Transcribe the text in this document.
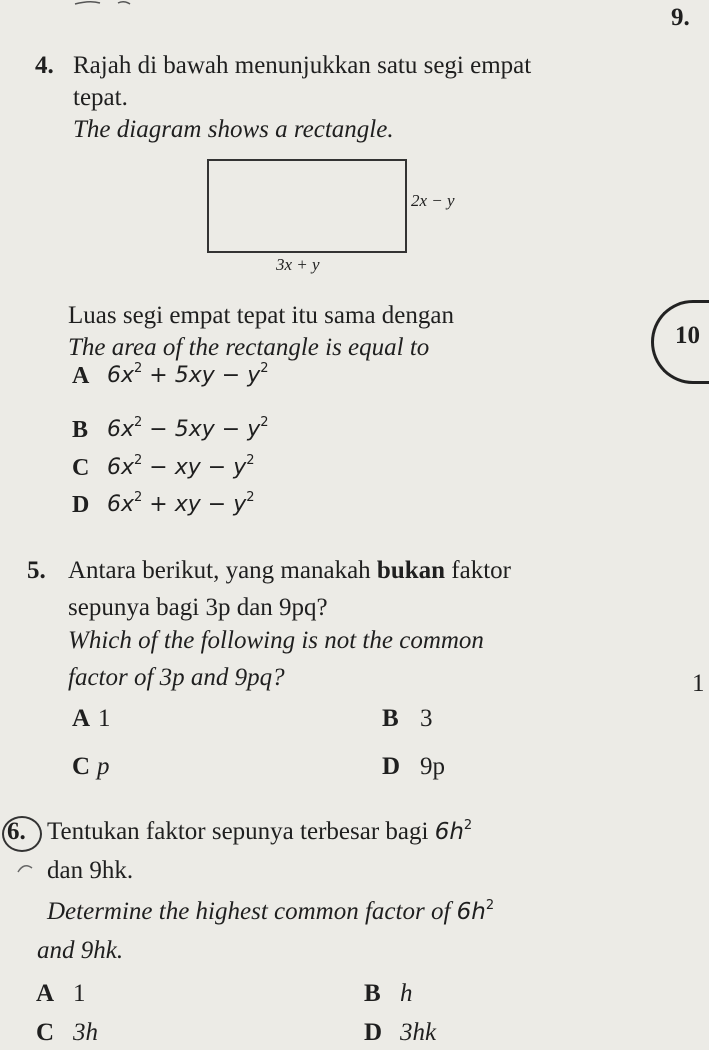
9.
4. Rajah di bawah menunjukkan satu segi empat
tepat.
The diagram shows a rectangle.
2x − y
3x + y
Luas segi empat tepat itu sama dengan
The area of the rectangle is equal to	10
A $6x^2 + 5xy - y^2$
B $6x^2 - 5xy - y^2$
C $6x^2$ − xy − $y^2$
D $6x^2$ + xy − $y^2$
5. Antara berikut, yang manakah bukan faktor
sepunya bagi 3p dan 9pq?
Which of the following is not the common
factor of 3p and 9pq?	1
A 1	B 3
C p	D 9p
6. Tentukan faktor sepunya terbesar bagi $6h^2$
dan 9hk.
Determine the highest common factor of $6h^2$
and 9hk.
A 1	B h
C 3h	D 3hk
